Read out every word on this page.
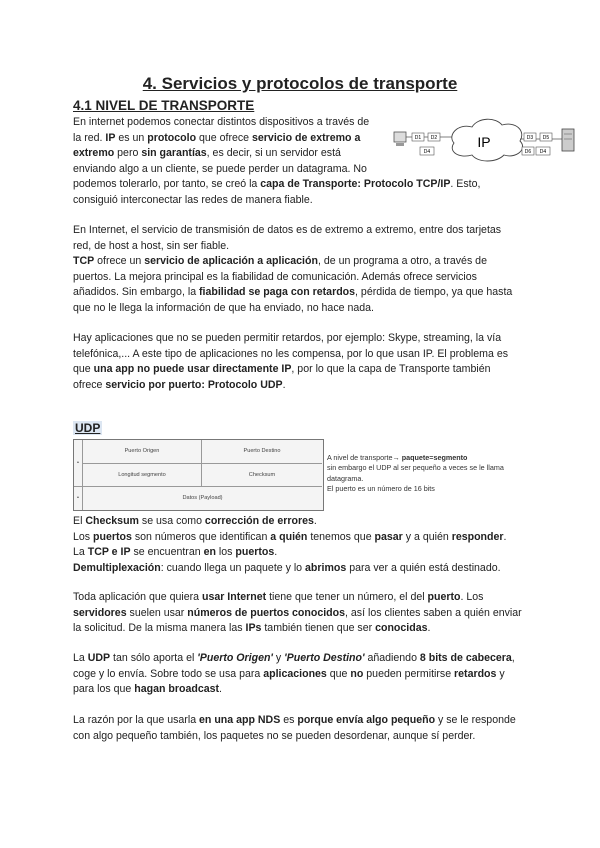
4. Servicios y protocolos de transporte
4.1 NIVEL DE TRANSPORTE
En internet podemos conectar distintos dispositivos a través de
la red. IP es un protocolo que ofrece servicio de extremo a
extremo pero sin garantías, es decir, si un servidor está
enviando algo a un cliente, se puede perder un datagrama. No
podemos tolerarlo, por tanto, se creó la capa de Transporte: Protocolo TCP/IP. Esto,
consiguió interconectar las redes de manera fiable.
D1 D2
D4
IP	D3 D5
D6 D4
En Internet, el servicio de transmisión de datos es de extremo a extremo, entre dos tarjetas
red, de host a host, sin ser fiable.
TCP ofrece un servicio de aplicación a aplicación, de un programa a otro, a través de
puertos. La mejora principal es la fiabilidad de comunicación. Además ofrece servicios
añadidos. Sin embargo, la fiabilidad se paga con retardos, pérdida de tiempo, ya que hasta
que no le llega la información de que ha enviado, no hace nada.
Hay aplicaciones que no se pueden permitir retardos, por ejemplo: Skype, streaming, la vía
telefónica,... A este tipo de aplicaciones no les compensa, por lo que usan IP. El problema es
que una app no puede usar directamente IP, por lo que la capa de Transporte también
ofrece servicio por puerto: Protocolo UDP.
UDP
•
Puerto Origen	Puerto Destino
Longitud segmento	Checksum
•	Datos (Payload)
A nivel de transporte→ paquete=segmento
sin embargo el UDP al ser pequeño a veces se le llama
datagrama.
El puerto es un número de 16 bits
El Checksum se usa como corrección de errores.
Los puertos son números que identifican a quién tenemos que pasar y a quién responder.
La TCP e IP se encuentran en los puertos.
Demultiplexación: cuando llega un paquete y lo abrimos para ver a quién está destinado.
Toda aplicación que quiera usar Internet tiene que tener un número, el del puerto. Los
servidores suelen usar números de puertos conocidos, así los clientes saben a quién enviar
la solicitud. De la misma manera las IPs también tienen que ser conocidas.
La UDP tan sólo aporta el 'Puerto Origen' y 'Puerto Destino' añadiendo 8 bits de cabecera,
coge y lo envía. Sobre todo se usa para aplicaciones que no pueden permitirse retardos y
para los que hagan broadcast.
La razón por la que usarla en una app NDS es porque envía algo pequeño y se le responde
con algo pequeño también, los paquetes no se pueden desordenar, aunque sí perder.
